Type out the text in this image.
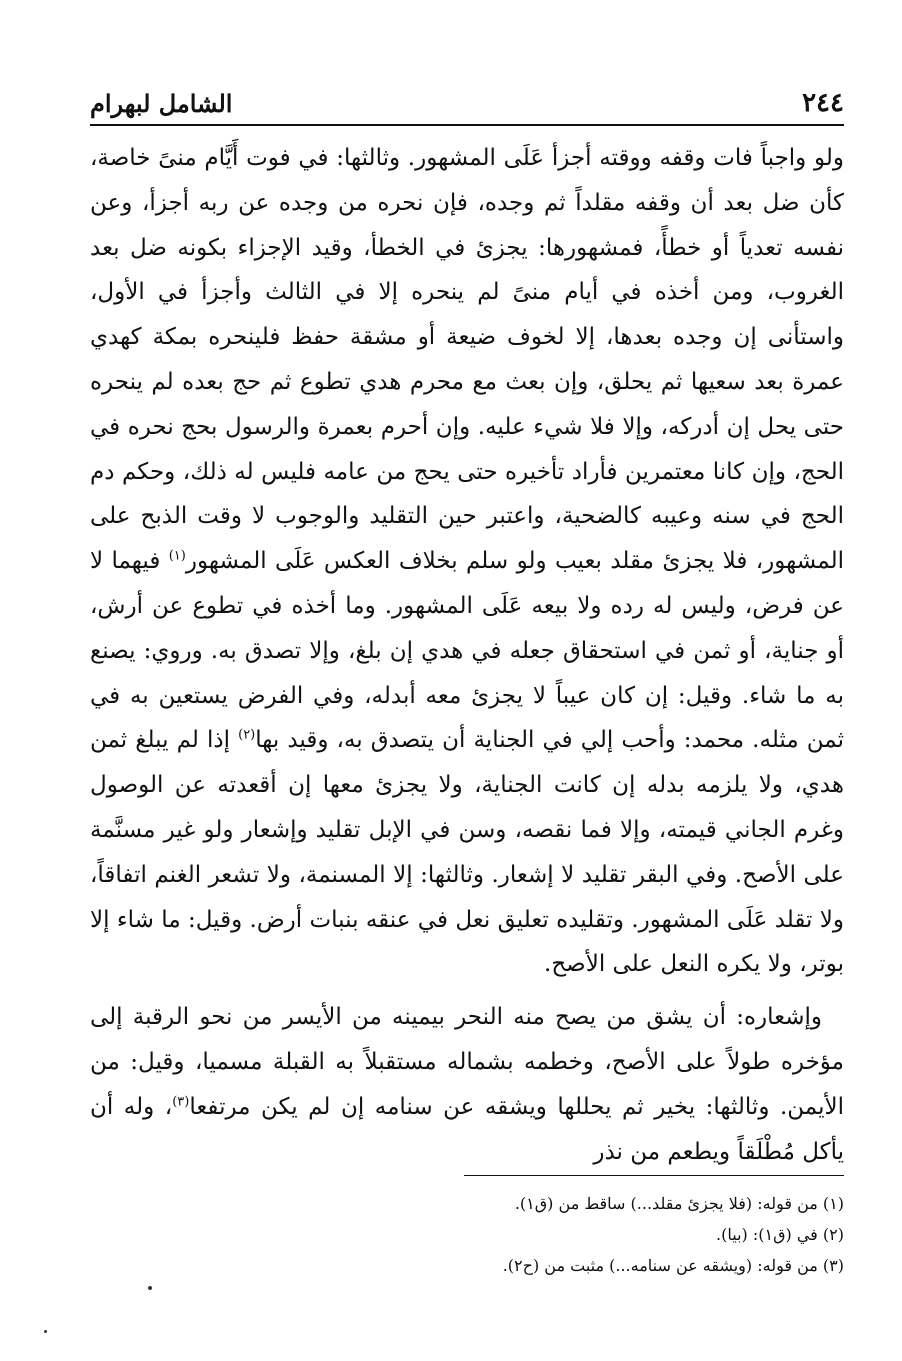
٢٤٤
الشامل لبهرام

ولو واجباً فات وقفه ووقته أجزأ عَلَى المشهور. وثالثها: في فوت أَيَّام منىً خاصة، كأن ضل بعد أن وقفه مقلداً ثم وجده، فإن نحره من وجده عن ربه أجزأ، وعن نفسه تعدياً أو خطأً، فمشهورها: يجزئ في الخطأ، وقيد الإجزاء بكونه ضل بعد الغروب، ومن أخذه في أيام منىً لم ينحره إلا في الثالث وأجزأ في الأول، واستأنى إن وجده بعدها، إلا لخوف ضيعة أو مشقة حفظ فلينحره بمكة كهدي عمرة بعد سعيها ثم يحلق، وإن بعث مع محرم هدي تطوع ثم حج بعده لم ينحره حتى يحل إن أدركه، وإلا فلا شيء عليه. وإن أحرم بعمرة والرسول بحج نحره في الحج، وإن كانا معتمرين فأراد تأخيره حتى يحج من عامه فليس له ذلك، وحكم دم الحج في سنه وعيبه كالضحية، واعتبر حين التقليد والوجوب لا وقت الذبح على المشهور، فلا يجزئ مقلد بعيب ولو سلم بخلاف العكس عَلَى المشهور$^{(١)}$ فيهما لا عن فرض، وليس له رده ولا بيعه عَلَى المشهور. وما أخذه في تطوع عن أرش، أو جناية، أو ثمن في استحقاق جعله في هدي إن بلغ، وإلا تصدق به. وروي: يصنع به ما شاء. وقيل: إن كان عيباً لا يجزئ معه أبدله، وفي الفرض يستعين به في ثمن مثله. محمد: وأحب إلي في الجناية أن يتصدق به، وقيد بها$^{(٢)}$ إذا لم يبلغ ثمن هدي، ولا يلزمه بدله إن كانت الجناية، ولا يجزئ معها إن أقعدته عن الوصول وغرم الجاني قيمته، وإلا فما نقصه، وسن في الإبل تقليد وإشعار ولو غير مسنَّمة على الأصح. وفي البقر تقليد لا إشعار. وثالثها: إلا المسنمة، ولا تشعر الغنم اتفاقاً، ولا تقلد عَلَى المشهور. وتقليده تعليق نعل في عنقه بنبات أرض. وقيل: ما شاء إلا بوتر، ولا يكره النعل على الأصح.

وإشعاره: أن يشق من يصح منه النحر بيمينه من الأيسر من نحو الرقبة إلى مؤخره طولاً على الأصح، وخطمه بشماله مستقبلاً به القبلة مسميا، وقيل: من الأيمن. وثالثها: يخير ثم يحللها ويشقه عن سنامه إن لم يكن مرتفعا$^{(٣)}$، وله أن يأكل مُطْلَقاً ويطعم من نذر

(١) من قوله: (فلا يجزئ مقلد...) ساقط من (ق١).
(٢) في (ق١): (بيا).
(٣) من قوله: (ويشقه عن سنامه...) مثبت من (ح٢).
